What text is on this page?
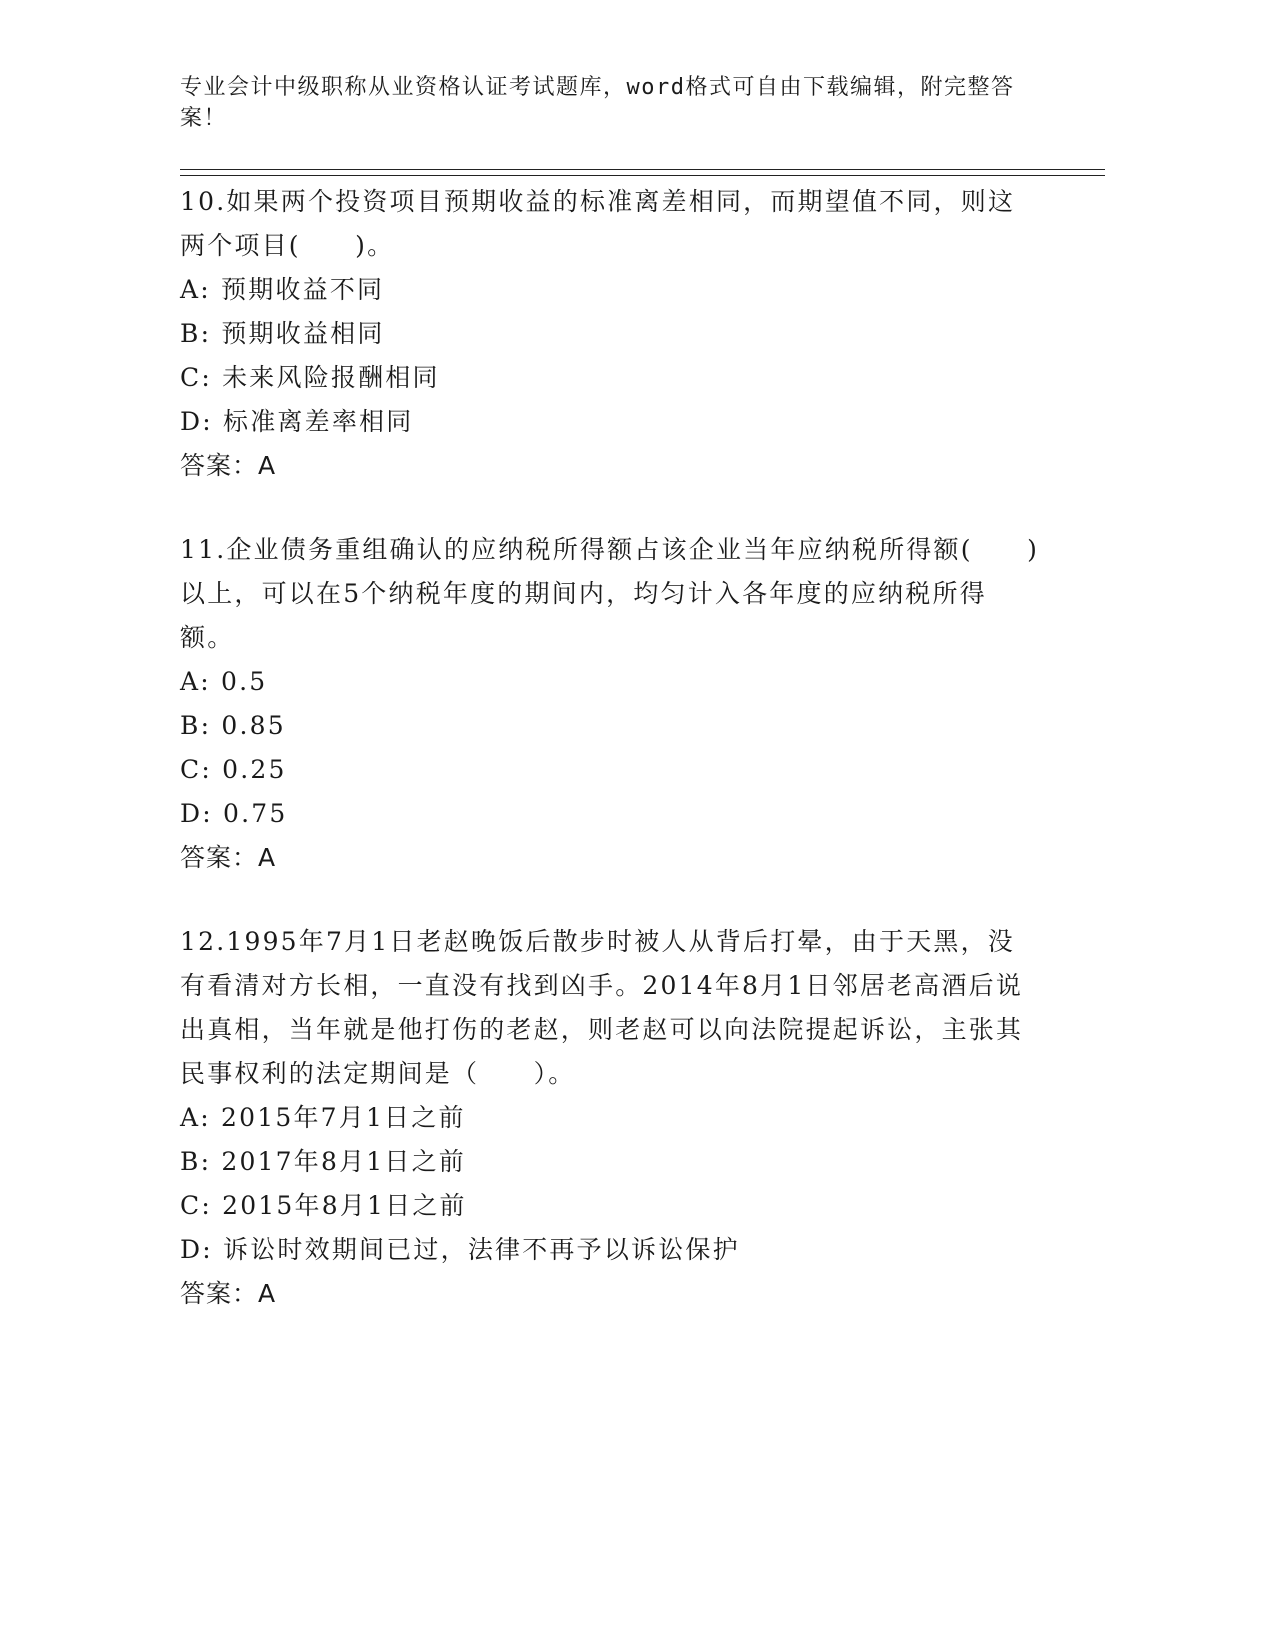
专业会计中级职称从业资格认证考试题库，word格式可自由下载编辑，附完整答案！

10.如果两个投资项目预期收益的标准离差相同，而期望值不同，则这两个项目(　　)。

A: 预期收益不同

B: 预期收益相同

C: 未来风险报酬相同

D: 标准离差率相同

答案：A

11.企业债务重组确认的应纳税所得额占该企业当年应纳税所得额(　　)以上，可以在5个纳税年度的期间内，均匀计入各年度的应纳税所得额。

A: 0.5

B: 0.85

C: 0.25

D: 0.75

答案：A

12.1995年7月1日老赵晚饭后散步时被人从背后打晕，由于天黑，没有看清对方长相，一直没有找到凶手。2014年8月1日邻居老高酒后说出真相，当年就是他打伤的老赵，则老赵可以向法院提起诉讼，主张其民事权利的法定期间是（　　）。

A: 2015年7月1日之前

B: 2017年8月1日之前

C: 2015年8月1日之前

D: 诉讼时效期间已过，法律不再予以诉讼保护

答案：A
